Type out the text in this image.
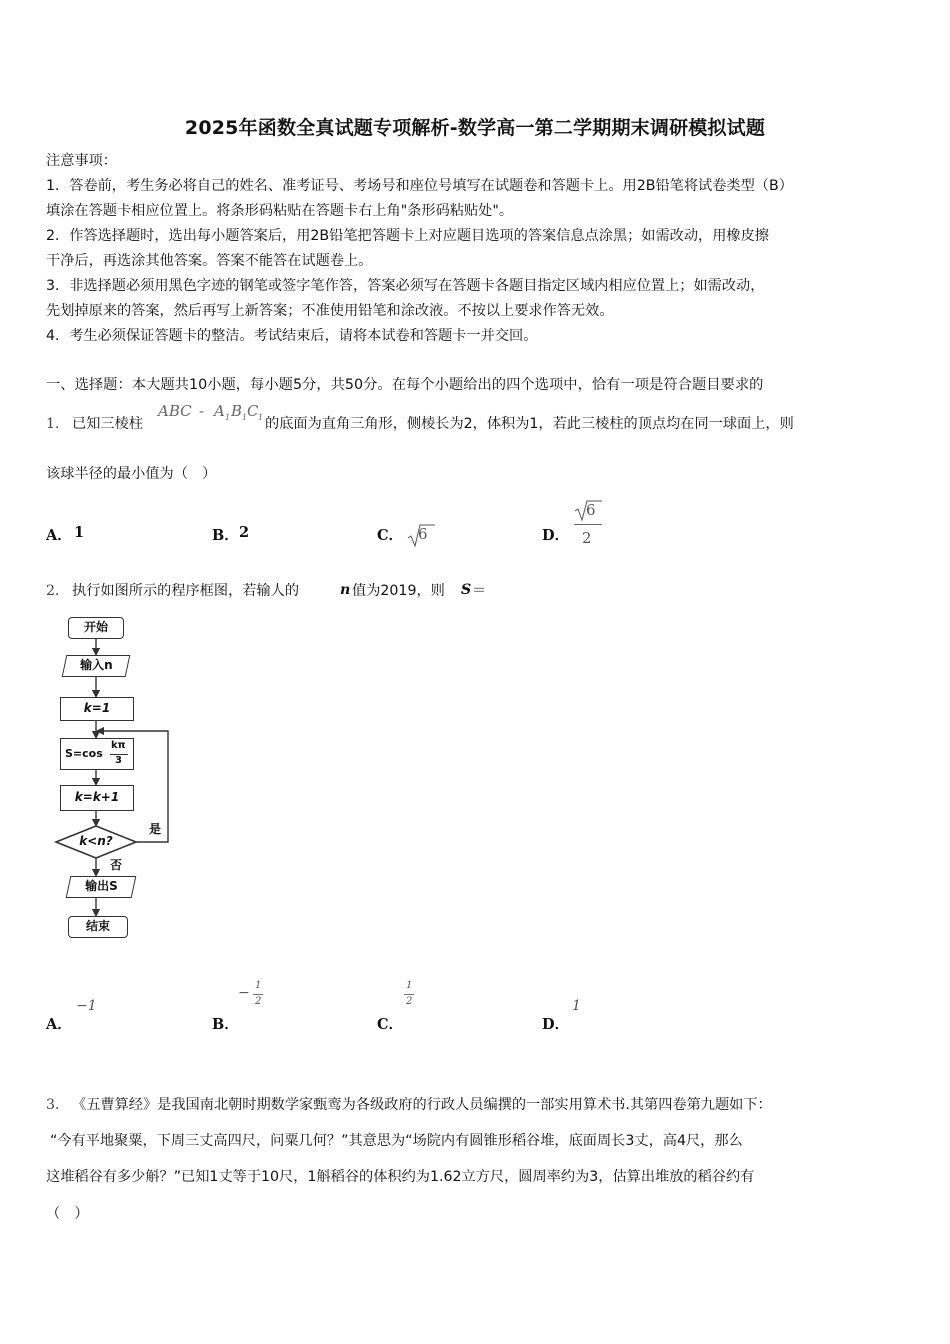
2025年函数全真试题专项解析-数学高一第二学期期末调研模拟试题
注意事项：
1．答卷前，考生务必将自己的姓名、准考证号、考场号和座位号填写在试题卷和答题卡上。用2B铅笔将试卷类型（B）
填涂在答题卡相应位置上。将条形码粘贴在答题卡右上角"条形码粘贴处"。
2．作答选择题时，选出每小题答案后，用2B铅笔把答题卡上对应题目选项的答案信息点涂黑；如需改动，用橡皮擦
干净后，再选涂其他答案。答案不能答在试题卷上。
3．非选择题必须用黑色字迹的钢笔或签字笔作答，答案必须写在答题卡各题目指定区域内相应位置上；如需改动，
先划掉原来的答案，然后再写上新答案；不准使用铅笔和涂改液。不按以上要求作答无效。
4．考生必须保证答题卡的整洁。考试结束后，请将本试卷和答题卡一并交回。
一、选择题：本大题共10小题，每小题5分，共50分。在每个小题给出的四个选项中，恰有一项是符合题目要求的
1． 已知三棱柱
ABC - A 1 B 1 C 1 的底面为直角三角形，侧棱长为2，体积为1，若此三棱柱的顶点均在同一球面上，则
该球半径的最小值为（　）
A． 1	B． 2	C． 6	D．
6
2
2． 执行如图所示的程序框图，若输人的	n 值为2019，则 S ＝
开始
输入n
k=1
S=cos
kπ
3
k=k+1
k<n?
是
否
输出S
结束
A．
−1
B．
− 1
2
C．
1
2
D．
1
3． 《五曹算经》是我国南北朝时期数学家甄鸾为各级政府的行政人员编撰的一部实用算术书.其第四卷第九题如下：
“今有平地聚粟，下周三丈高四尺，问粟几何？”其意思为“场院内有圆锥形稻谷堆，底面周长3丈，高4尺，那么
这堆稻谷有多少斛？”已知1丈等于10尺，1斛稻谷的体积约为1.62立方尺，圆周率约为3，估算出堆放的稻谷约有
（　）
